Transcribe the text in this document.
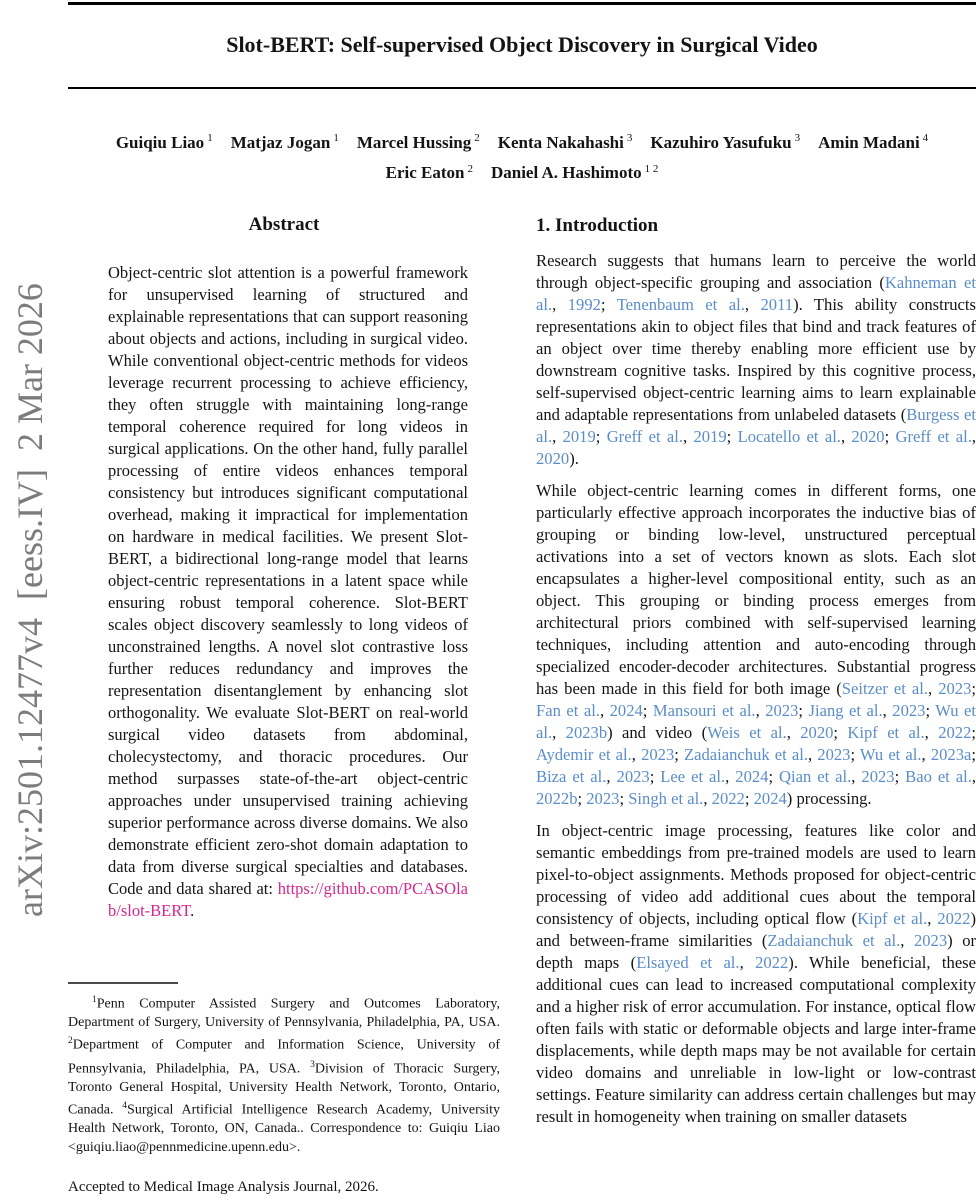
arXiv:2501.12477v4  [eess.IV]  2 Mar 2026
Slot-BERT: Self-supervised Object Discovery in Surgical Video
Guiqiu Liao $^1$ Matjaz Jogan $^1$ Marcel Hussing $^2$ Kenta Nakahashi $^3$ Kazuhiro Yasufuku $^3$ Amin Madani $^4$
Eric Eaton $^2$ Daniel A. Hashimoto $^{1 2}$
Abstract

Object-centric slot attention is a powerful framework for unsupervised learning of structured and explainable representations that can support reasoning about objects and actions, including in surgical video. While conventional object-centric methods for videos leverage recurrent processing to achieve efficiency, they often struggle with maintaining long-range temporal coherence required for long videos in surgical applications. On the other hand, fully parallel processing of entire videos enhances temporal consistency but introduces significant computational overhead, making it impractical for implementation on hardware in medical facilities. We present Slot-BERT, a bidirectional long-range model that learns object-centric representations in a latent space while ensuring robust temporal coherence. Slot-BERT scales object discovery seamlessly to long videos of unconstrained lengths. A novel slot contrastive loss further reduces redundancy and improves the representation disentanglement by enhancing slot orthogonality. We evaluate Slot-BERT on real-world surgical video datasets from abdominal, cholecystectomy, and thoracic procedures. Our method surpasses state-of-the-art object-centric approaches under unsupervised training achieving superior performance across diverse domains. We also demonstrate efficient zero-shot domain adaptation to data from diverse surgical specialties and databases. Code and data shared at: https://github.com/PCASOlab/slot-BERT.

$^1$Penn Computer Assisted Surgery and Outcomes Laboratory, Department of Surgery, University of Pennsylvania, Philadelphia, PA, USA. $^2$Department of Computer and Information Science, University of Pennsylvania, Philadelphia, PA, USA. $^3$Division of Thoracic Surgery, Toronto General Hospital, University Health Network, Toronto, Ontario, Canada. $^4$Surgical Artificial Intelligence Research Academy, University Health Network, Toronto, ON, Canada.. Correspondence to: Guiqiu Liao <guiqiu.liao@pennmedicine.upenn.edu>.

Accepted to Medical Image Analysis Journal, 2026.
1. Introduction

Research suggests that humans learn to perceive the world through object-specific grouping and association (Kahneman et al., 1992; Tenenbaum et al., 2011). This ability constructs representations akin to object files that bind and track features of an object over time thereby enabling more efficient use by downstream cognitive tasks. Inspired by this cognitive process, self-supervised object-centric learning aims to learn explainable and adaptable representations from unlabeled datasets (Burgess et al., 2019; Greff et al., 2019; Locatello et al., 2020; Greff et al., 2020).

While object-centric learning comes in different forms, one particularly effective approach incorporates the inductive bias of grouping or binding low-level, unstructured perceptual activations into a set of vectors known as slots. Each slot encapsulates a higher-level compositional entity, such as an object. This grouping or binding process emerges from architectural priors combined with self-supervised learning techniques, including attention and auto-encoding through specialized encoder-decoder architectures. Substantial progress has been made in this field for both image (Seitzer et al., 2023; Fan et al., 2024; Mansouri et al., 2023; Jiang et al., 2023; Wu et al., 2023b) and video (Weis et al., 2020; Kipf et al., 2022; Aydemir et al., 2023; Zadaianchuk et al., 2023; Wu et al., 2023a; Biza et al., 2023; Lee et al., 2024; Qian et al., 2023; Bao et al., 2022b; 2023; Singh et al., 2022; 2024) processing.

In object-centric image processing, features like color and semantic embeddings from pre-trained models are used to learn pixel-to-object assignments. Methods proposed for object-centric processing of video add additional cues about the temporal consistency of objects, including optical flow (Kipf et al., 2022) and between-frame similarities (Zadaianchuk et al., 2023) or depth maps (Elsayed et al., 2022). While beneficial, these additional cues can lead to increased computational complexity and a higher risk of error accumulation. For instance, optical flow often fails with static or deformable objects and large inter-frame displacements, while depth maps may be not available for certain video domains and unreliable in low-light or low-contrast settings. Feature similarity can address certain challenges but may result in homogeneity when training on smaller datasets
